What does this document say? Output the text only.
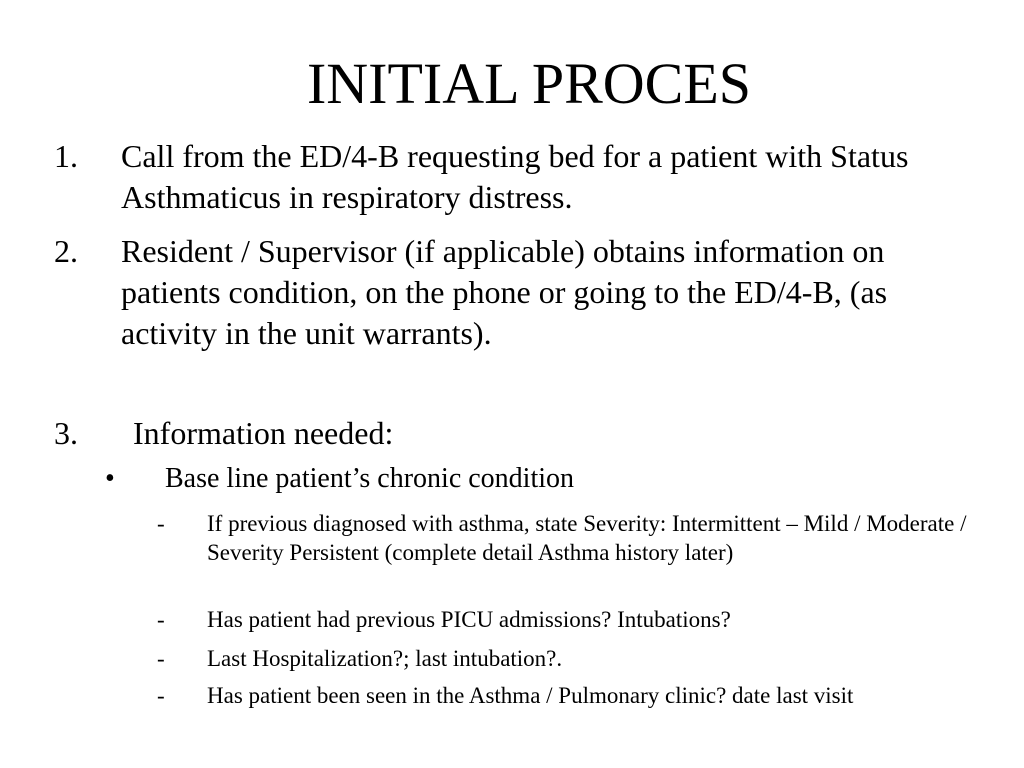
INITIAL PROCES
1. Call from the ED/4-B requesting bed for a patient with Status Asthmaticus in respiratory distress.
2. Resident / Supervisor (if applicable) obtains information on patients condition, on the phone or going to the ED/4-B, (as activity in the unit warrants).
3. Information needed:
• Base line patient’s chronic condition
- If previous diagnosed with asthma, state Severity: Intermittent – Mild / Moderate / Severity Persistent (complete detail Asthma history later)
- Has patient had previous PICU admissions? Intubations?
- Last Hospitalization?; last intubation?.
- Has patient been seen in the Asthma / Pulmonary clinic? date last visit
